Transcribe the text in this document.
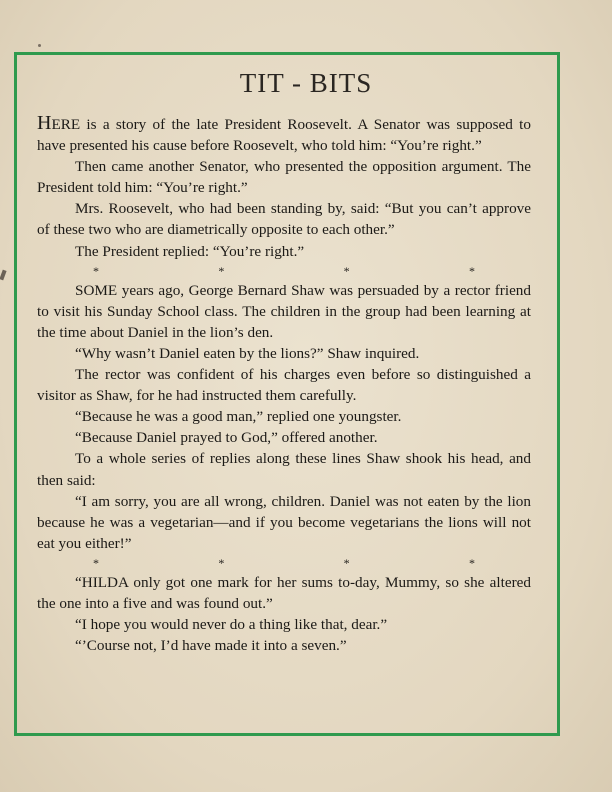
TIT - BITS

HERE is a story of the late President Roosevelt. A Senator was supposed to have presented his cause before Roosevelt, who told him: “You’re right.”

Then came another Senator, who presented the opposition argument. The President told him: “You’re right.”

Mrs. Roosevelt, who had been standing by, said: “But you can’t approve of these two who are diametrically opposite to each other.”

The President replied: “You’re right.”

*	*	*	*

SOME years ago, George Bernard Shaw was persuaded by a rector friend to visit his Sunday School class. The children in the group had been learning at the time about Daniel in the lion’s den.

“Why wasn’t Daniel eaten by the lions?” Shaw inquired.

The rector was confident of his charges even before so distinguished a visitor as Shaw, for he had instructed them carefully.

“Because he was a good man,” replied one youngster.

“Because Daniel prayed to God,” offered another.

To a whole series of replies along these lines Shaw shook his head, and then said:

“I am sorry, you are all wrong, children. Daniel was not eaten by the lion because he was a vegetarian—and if you become vegetarians the lions will not eat you either!”

*	*	*	*

“HILDA only got one mark for her sums to-day, Mummy, so she altered the one into a five and was found out.”

“I hope you would never do a thing like that, dear.”

“’Course not, I’d have made it into a seven.”
